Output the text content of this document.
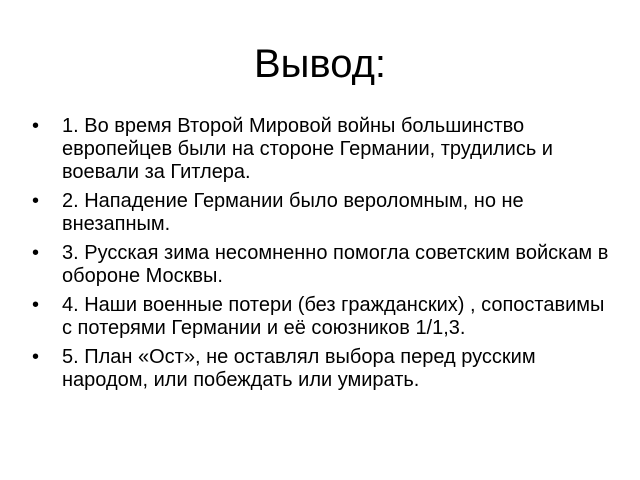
Вывод:
•	1. Во время Второй Мировой войны большинство европейцев были на стороне Германии, трудились и воевали за Гитлера.
•	2. Нападение Германии было вероломным, но не внезапным.
•	3. Русская зима несомненно помогла советским войскам в обороне Москвы.
•	4. Наши военные потери (без гражданских) , сопоставимы с потерями Германии и её союзников 1/1,3.
•	5. План «Ост», не оставлял выбора перед русским народом, или побеждать или умирать.
